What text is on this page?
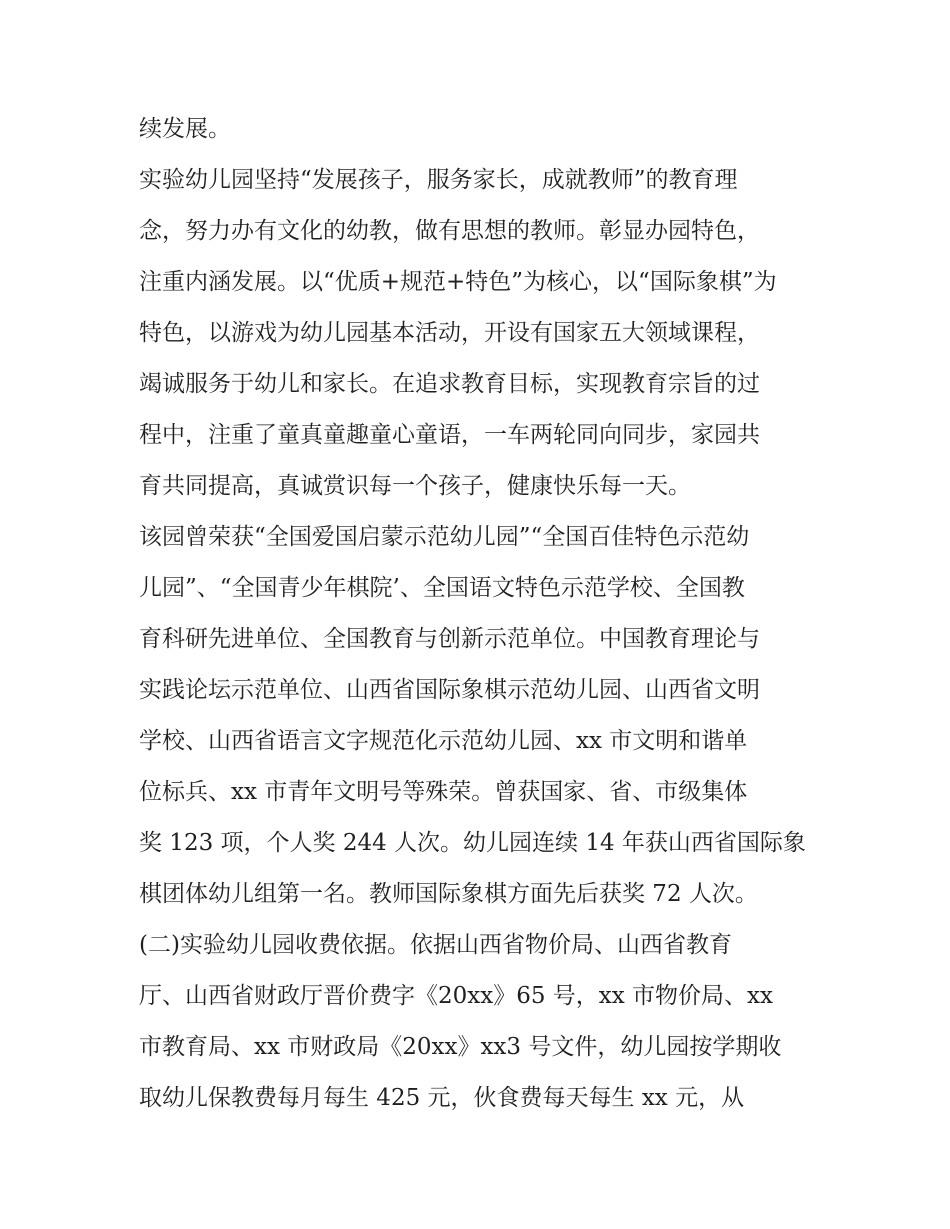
续发展。
实验幼儿园坚持“发展孩子，服务家长，成就教师”的教育理
念，努力办有文化的幼教，做有思想的教师。彰显办园特色，
注重内涵发展。以“优质+规范+特色”为核心，以“国际象棋”为
特色，以游戏为幼儿园基本活动，开设有国家五大领域课程，
竭诚服务于幼儿和家长。在追求教育目标，实现教育宗旨的过
程中，注重了童真童趣童心童语，一车两轮同向同步，家园共
育共同提高，真诚赏识每一个孩子，健康快乐每一天。
该园曾荣获“全国爱国启蒙示范幼儿园”“全国百佳特色示范幼
儿园”、“全国青少年棋院’、全国语文特色示范学校、全国教
育科研先进单位、全国教育与创新示范单位。中国教育理论与
实践论坛示范单位、山西省国际象棋示范幼儿园、山西省文明
学校、山西省语言文字规范化示范幼儿园、xx 市文明和谐单
位标兵、xx 市青年文明号等殊荣。曾获国家、省、市级集体
奖 123 项，个人奖 244 人次。幼儿园连续 14 年获山西省国际象
棋团体幼儿组第一名。教师国际象棋方面先后获奖 72 人次。
(二)实验幼儿园收费依据。依据山西省物价局、山西省教育
厅、山西省财政厅晋价费字《20xx》65 号，xx 市物价局、xx
市教育局、xx 市财政局《20xx》xx3 号文件，幼儿园按学期收
取幼儿保教费每月每生 425 元，伙食费每天每生 xx 元，从
